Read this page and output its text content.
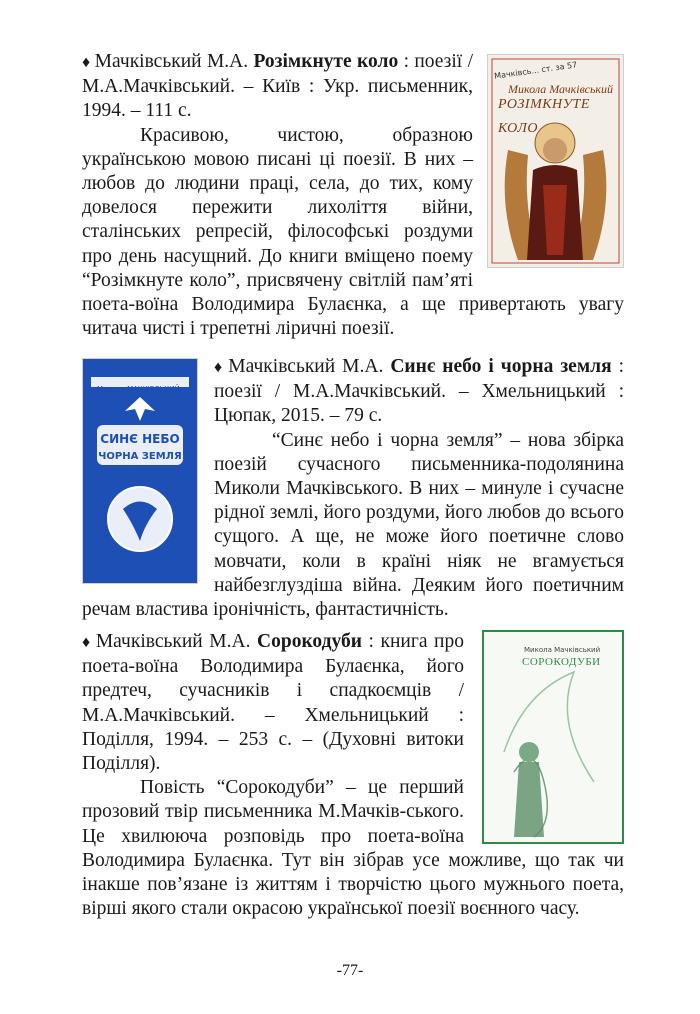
Мачківсь... ст. за 57
Микола Мачківський
РОЗІМКНУТЕ КОЛО

♦ Мачківський М.А. Розімкнуте коло : поезії / М.А.Мачківський. – Київ : Укр. письменник, 1994. – 111 с.

Красивою, чистою, образною українською мовою писані ці поезії. В них – любов до людини праці, села, до тих, кому довелося пережити лихоліття війни, сталінських репресій, філософські роздуми про день насущний. До книги вміщено поему “Розімкнуте коло”, присвячену світлій пам’яті поета-воїна Володимира Булаєнка, а ще привертають увагу читача чисті і трепетні ліричні поезії.

Микола МАЧКІВСЬКИЙ
СИНЄ НЕБО
ЧОРНА ЗЕМЛЯ

♦ Мачківський М.А. Синє небо і чорна земля : поезії / М.А.Мачківський. – Хмельницький : Цюпак, 2015. – 79 с.

“Синє небо і чорна земля” – нова збірка поезій сучасного письменника-подолянина Миколи Мачківського. В них – минуле і сучасне рідної землі, його роздуми, його любов до всього сущого. А ще, не може його поетичне слово мовчати, коли в країні ніяк не вгамується найбезглуздіша війна. Деяким його поетичним речам властива іронічність, фантастичність.

Микола Мачківський
СОРОКОДУБИ

♦ Мачківський М.А. Сорокодуби : книга про поета-воїна Володимира Булаєнка, його предтеч, сучасників і спадкоємців / М.А.Мачківський. – Хмельницький : Поділля, 1994. – 253 с. – (Духовні витоки Поділля).

Повість “Сорокодуби” – це перший прозовий твір письменника М.Мачків-ського. Це хвилююча розповідь про поета-воїна Володимира Булаєнка. Тут він зібрав усе можливе, що так чи інакше пов’язане із життям і творчістю цього мужнього поета, вірші якого стали окрасою української поезії воєнного часу.

-77-
